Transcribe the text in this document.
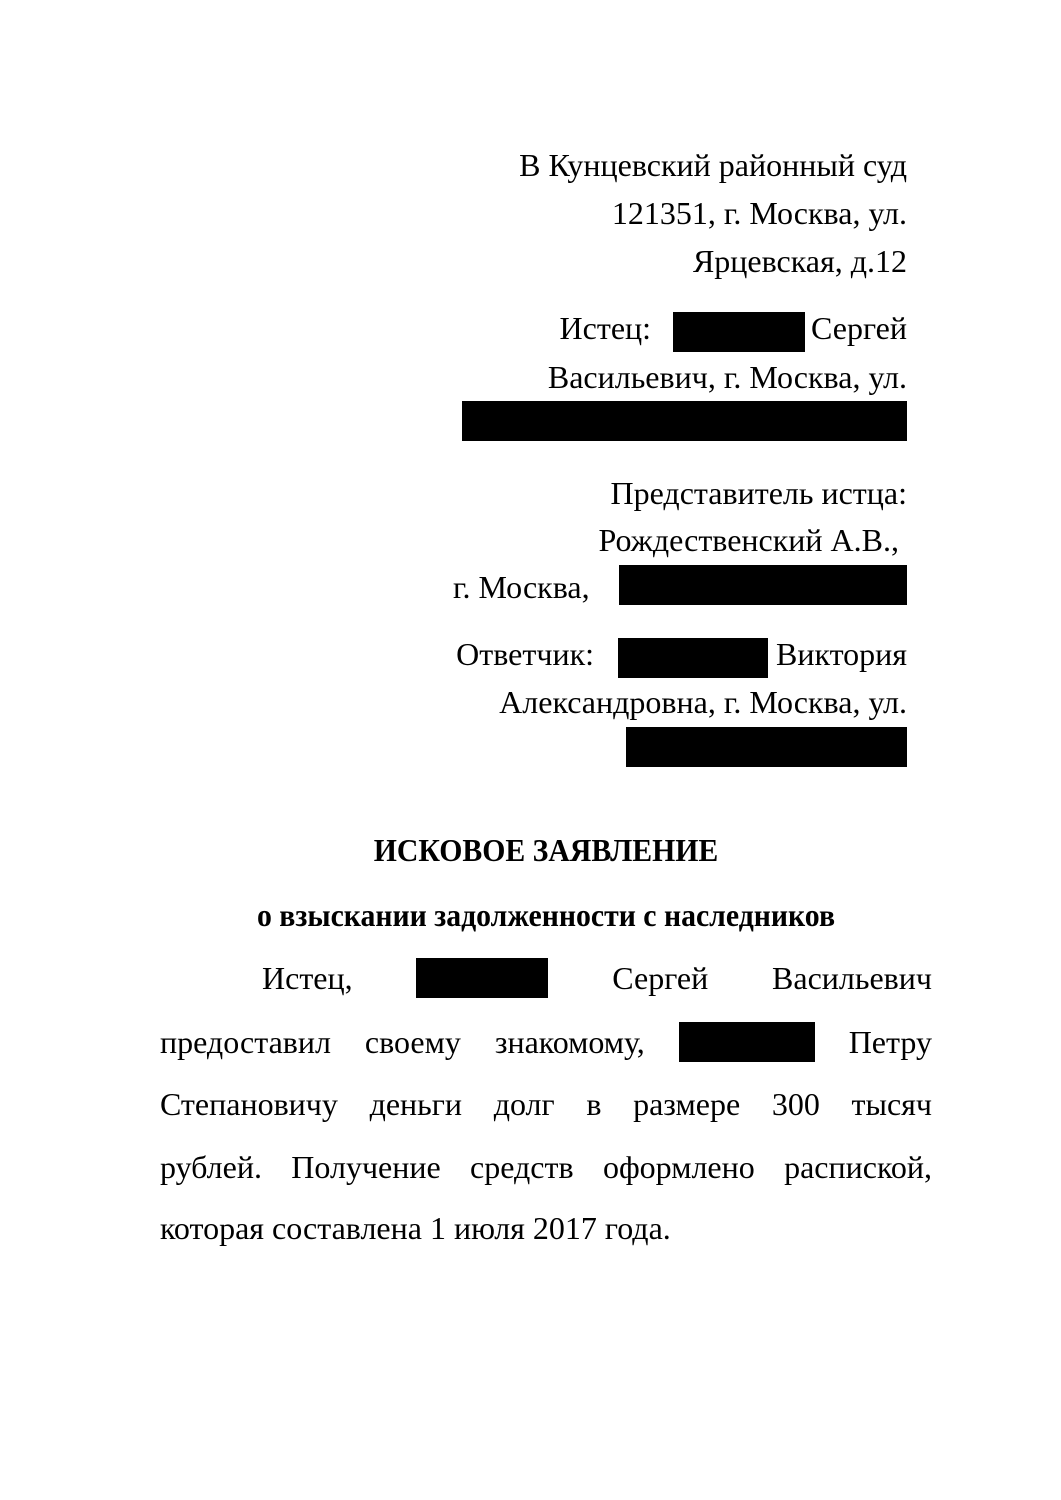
В Кунцевский районный суд
121351, г. Москва, ул.
Ярцевская, д.12
Истец:	Сергей
Васильевич, г. Москва, ул.
Представитель истца:
Рождественский А.В.,
г. Москва,
Ответчик:	Виктория
Александровна, г. Москва, ул.
ИСКОВОЕ ЗАЯВЛЕНИЕ
о взыскании задолженности с наследников
Истец,	Сергей Васильевич
предоставил своему знакомому,	Петру
Степановичу деньги долг в размере 300 тысяч
рублей. Получение средств оформлено распиской,
которая составлена 1 июля 2017 года.
